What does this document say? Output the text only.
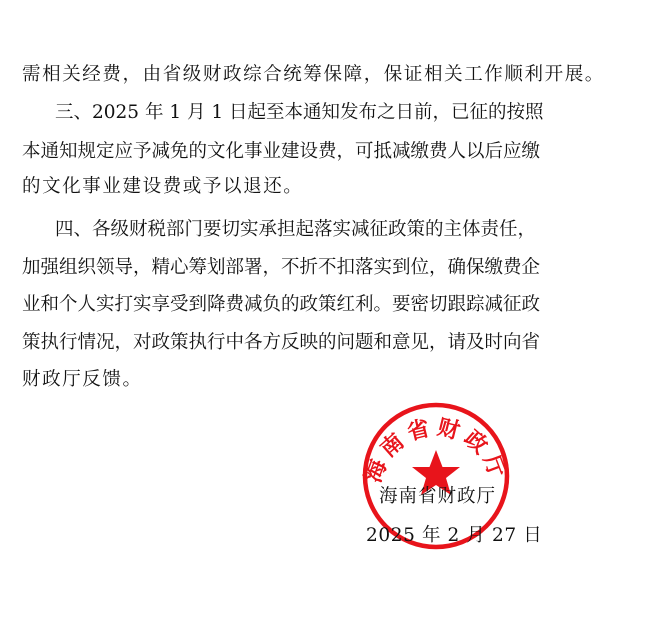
需相关经费，由省级财政综合统筹保障，保证相关工作顺利开展。
三、2025 年 1 月 1 日起至本通知发布之日前，已征的按照
本通知规定应予减免的文化事业建设费，可抵减缴费人以后应缴
的文化事业建设费或予以退还。
四、各级财税部门要切实承担起落实减征政策的主体责任，
加强组织领导，精心筹划部署，不折不扣落实到位，确保缴费企
业和个人实打实享受到降费减负的政策红利。要密切跟踪减征政
策执行情况，对政策执行中各方反映的问题和意见，请及时向省
财政厅反馈。
海南省财政厅
海南省财政厅
2025 年 2 月 27 日
